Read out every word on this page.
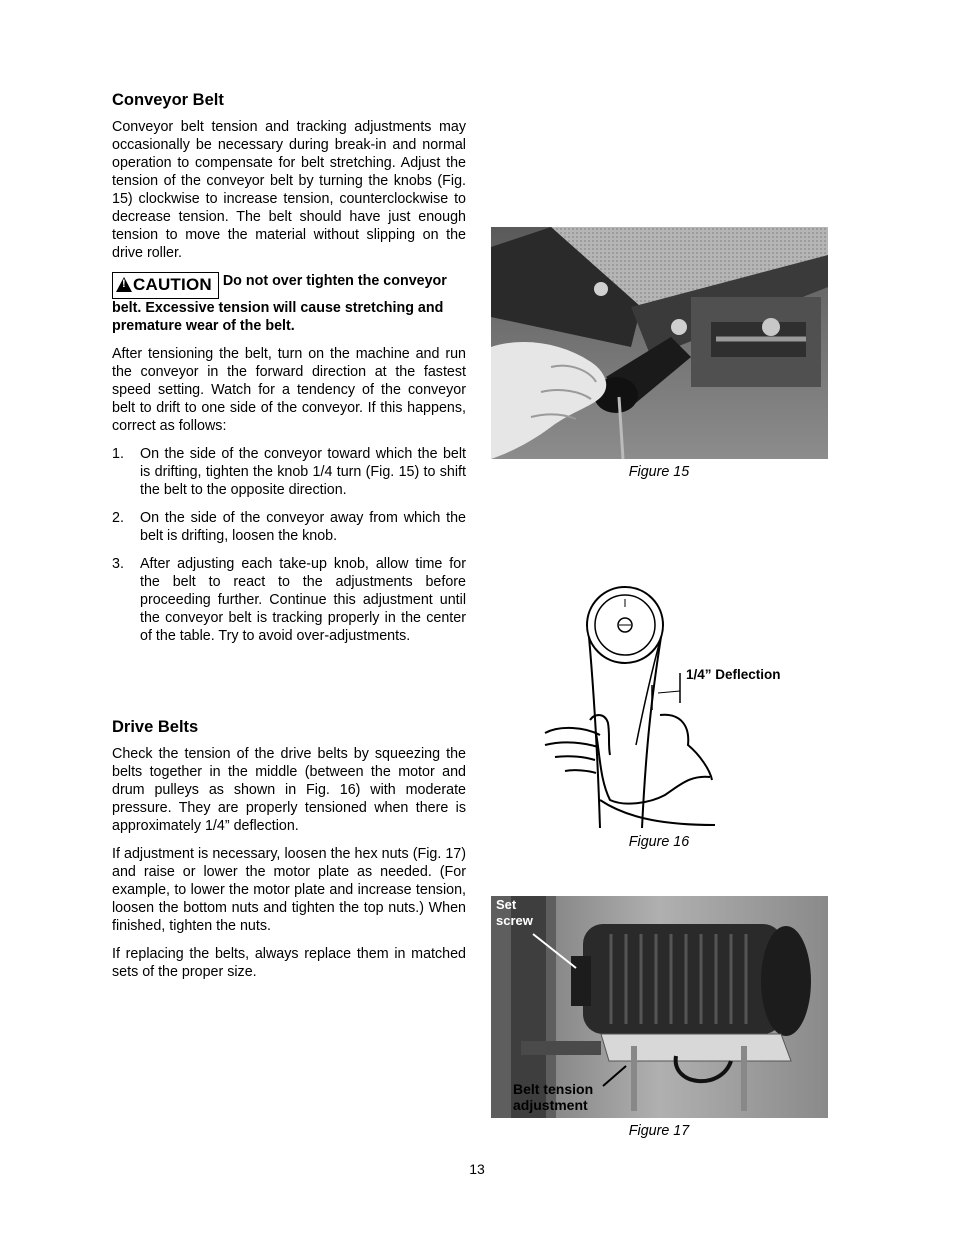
Conveyor Belt

Conveyor belt tension and tracking adjustments may occasionally be necessary during break-in and normal operation to compensate for belt stretching. Adjust the tension of the conveyor belt by turning the knobs (Fig. 15) clockwise to increase tension, counterclockwise to decrease tension. The belt should have just enough tension to move the material without slipping on the drive roller.

!CAUTION Do not over tighten the conveyor belt. Excessive tension will cause stretching and premature wear of the belt.

After tensioning the belt, turn on the machine and run the conveyor in the forward direction at the fastest speed setting. Watch for a tendency of the conveyor belt to drift to one side of the conveyor. If this happens, correct as follows:

1. On the side of the conveyor toward which the belt is drifting, tighten the knob 1/4 turn (Fig. 15) to shift the belt to the opposite direction.
2. On the side of the conveyor away from which the belt is drifting, loosen the knob.
3. After adjusting each take-up knob, allow time for the belt to react to the adjustments before proceeding further. Continue this adjustment until the conveyor belt is tracking properly in the center of the table. Try to avoid over-adjustments.
Drive Belts

Check the tension of the drive belts by squeezing the belts together in the middle (between the motor and drum pulleys as shown in Fig. 16) with moderate pressure. They are properly tensioned when there is approximately 1/4” deflection.

If adjustment is necessary, loosen the hex nuts (Fig. 17) and raise or lower the motor plate as needed. (For example, to lower the motor plate and increase tension, loosen the bottom nuts and tighten the top nuts.) When finished, tighten the nuts.

If replacing the belts, always replace them in matched sets of the proper size.

Figure 15
1/4” Deflection
Figure 16
Set
screw
Belt tension
adjustment
Figure 17
13
